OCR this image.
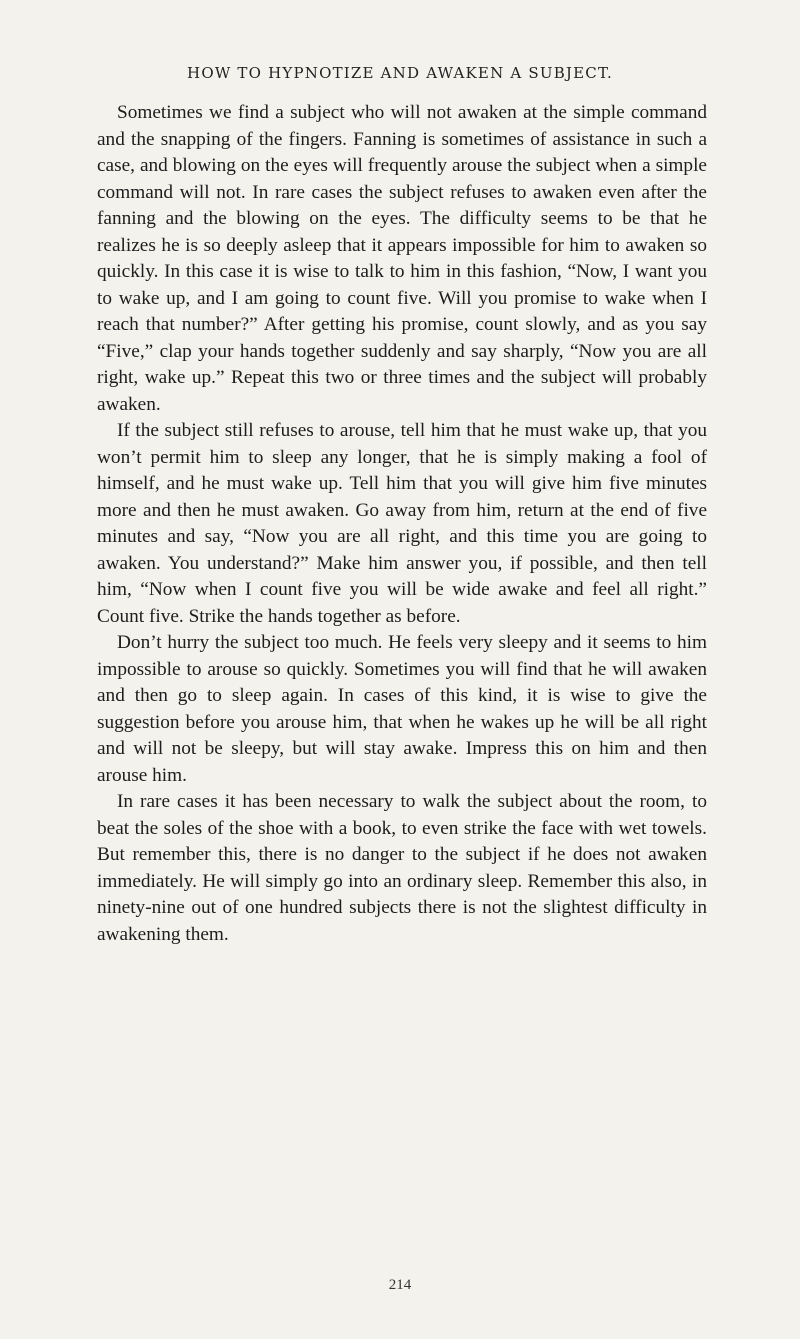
HOW TO HYPNOTIZE AND AWAKEN A SUBJECT.

Sometimes we find a subject who will not awaken at the simple command and the snapping of the fingers. Fanning is sometimes of assistance in such a case, and blowing on the eyes will frequently arouse the subject when a simple command will not. In rare cases the subject refuses to awaken even after the fanning and the blowing on the eyes. The difficulty seems to be that he realizes he is so deeply asleep that it appears impossible for him to awaken so quickly. In this case it is wise to talk to him in this fashion, “Now, I want you to wake up, and I am going to count five. Will you promise to wake when I reach that number?” After getting his promise, count slowly, and as you say “Five,” clap your hands together suddenly and say sharply, “Now you are all right, wake up.” Repeat this two or three times and the subject will probably awaken.

If the subject still refuses to arouse, tell him that he must wake up, that you won’t permit him to sleep any longer, that he is simply making a fool of himself, and he must wake up. Tell him that you will give him five minutes more and then he must awaken. Go away from him, return at the end of five minutes and say, “Now you are all right, and this time you are going to awaken. You understand?” Make him answer you, if possible, and then tell him, “Now when I count five you will be wide awake and feel all right.” Count five. Strike the hands together as before.

Don’t hurry the subject too much. He feels very sleepy and it seems to him impossible to arouse so quickly. Sometimes you will find that he will awaken and then go to sleep again. In cases of this kind, it is wise to give the suggestion before you arouse him, that when he wakes up he will be all right and will not be sleepy, but will stay awake. Impress this on him and then arouse him.

In rare cases it has been necessary to walk the subject about the room, to beat the soles of the shoe with a book, to even strike the face with wet towels. But remember this, there is no danger to the subject if he does not awaken immediately. He will simply go into an ordinary sleep. Remember this also, in ninety-nine out of one hundred subjects there is not the slightest difficulty in awakening them.

214
